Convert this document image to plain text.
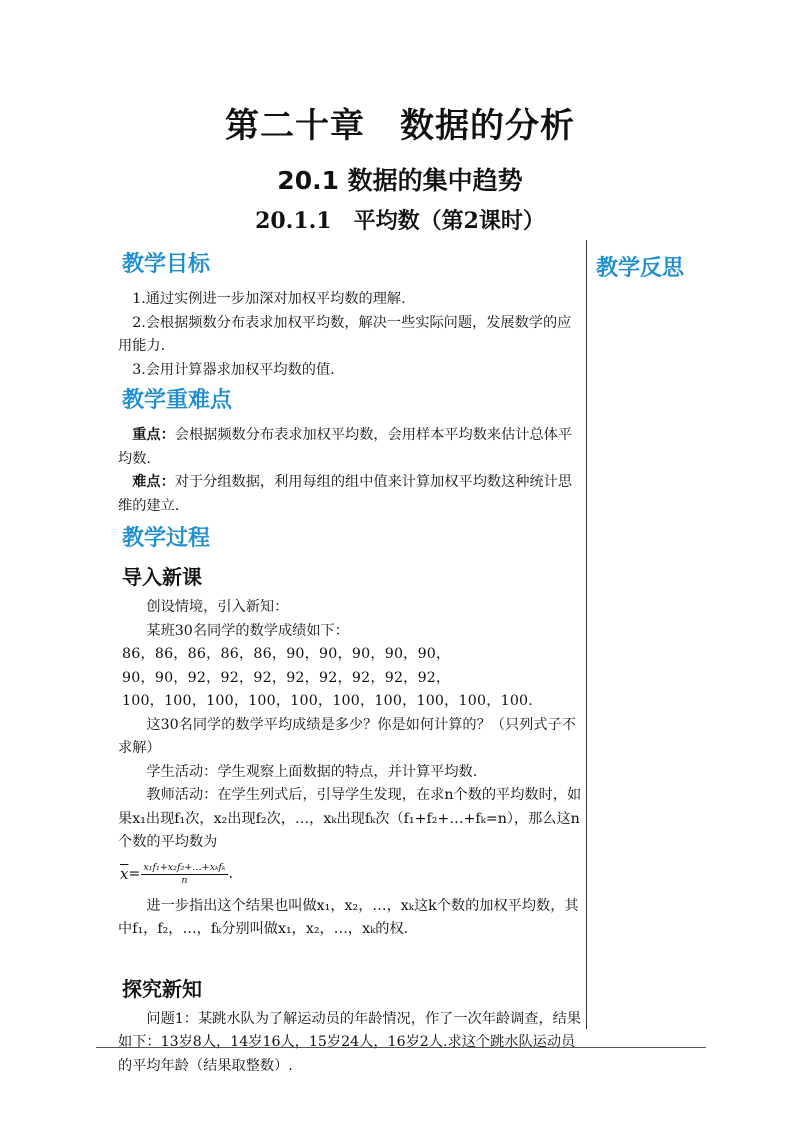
第二十章　数据的分析
20.1 数据的集中趋势
20.1.1　平均数（第2课时）
教学反思
教学目标

1.通过实例进一步加深对加权平均数的理解.

2.会根据频数分布表求加权平均数，解决一些实际问题，发展数学的应用能力.

3.会用计算器求加权平均数的值.

教学重难点

重点：会根据频数分布表求加权平均数，会用样本平均数来估计总体平均数.

难点：对于分组数据，利用每组的组中值来计算加权平均数这种统计思维的建立.

教学过程
导入新课

创设情境，引入新知：

某班30名同学的数学成绩如下：

86，86，86，86，86，90，90，90，90，90，

90，90，92，92，92，92，92，92，92，92，

100，100，100，100，100，100，100，100，100，100.

这30名同学的数学平均成绩是多少？你是如何计算的？（只列式子不求解）

学生活动：学生观察上面数据的特点，并计算平均数.

教师活动：在学生列式后，引导学生发现，在求n个数的平均数时，如果x₁出现f₁次，x₂出现f₂次，…，xₖ出现fₖ次（f₁+f₂+…+fₖ=n），那么这n个数的平均数为

$\overline{x} = \frac{\text{x₁f₁+x₂f₂+…+xₖfₖ}}{n}$ .

进一步指出这个结果也叫做x₁，x₂，…，xₖ这k个数的加权平均数，其中f₁，f₂，…，fₖ分别叫做x₁，x₂，…，xₖ的权.

探究新知

问题1：某跳水队为了解运动员的年龄情况，作了一次年龄调查，结果如下：13岁8人，14岁16人，15岁24人，16岁2人.求这个跳水队运动员的平均年龄（结果取整数）.
